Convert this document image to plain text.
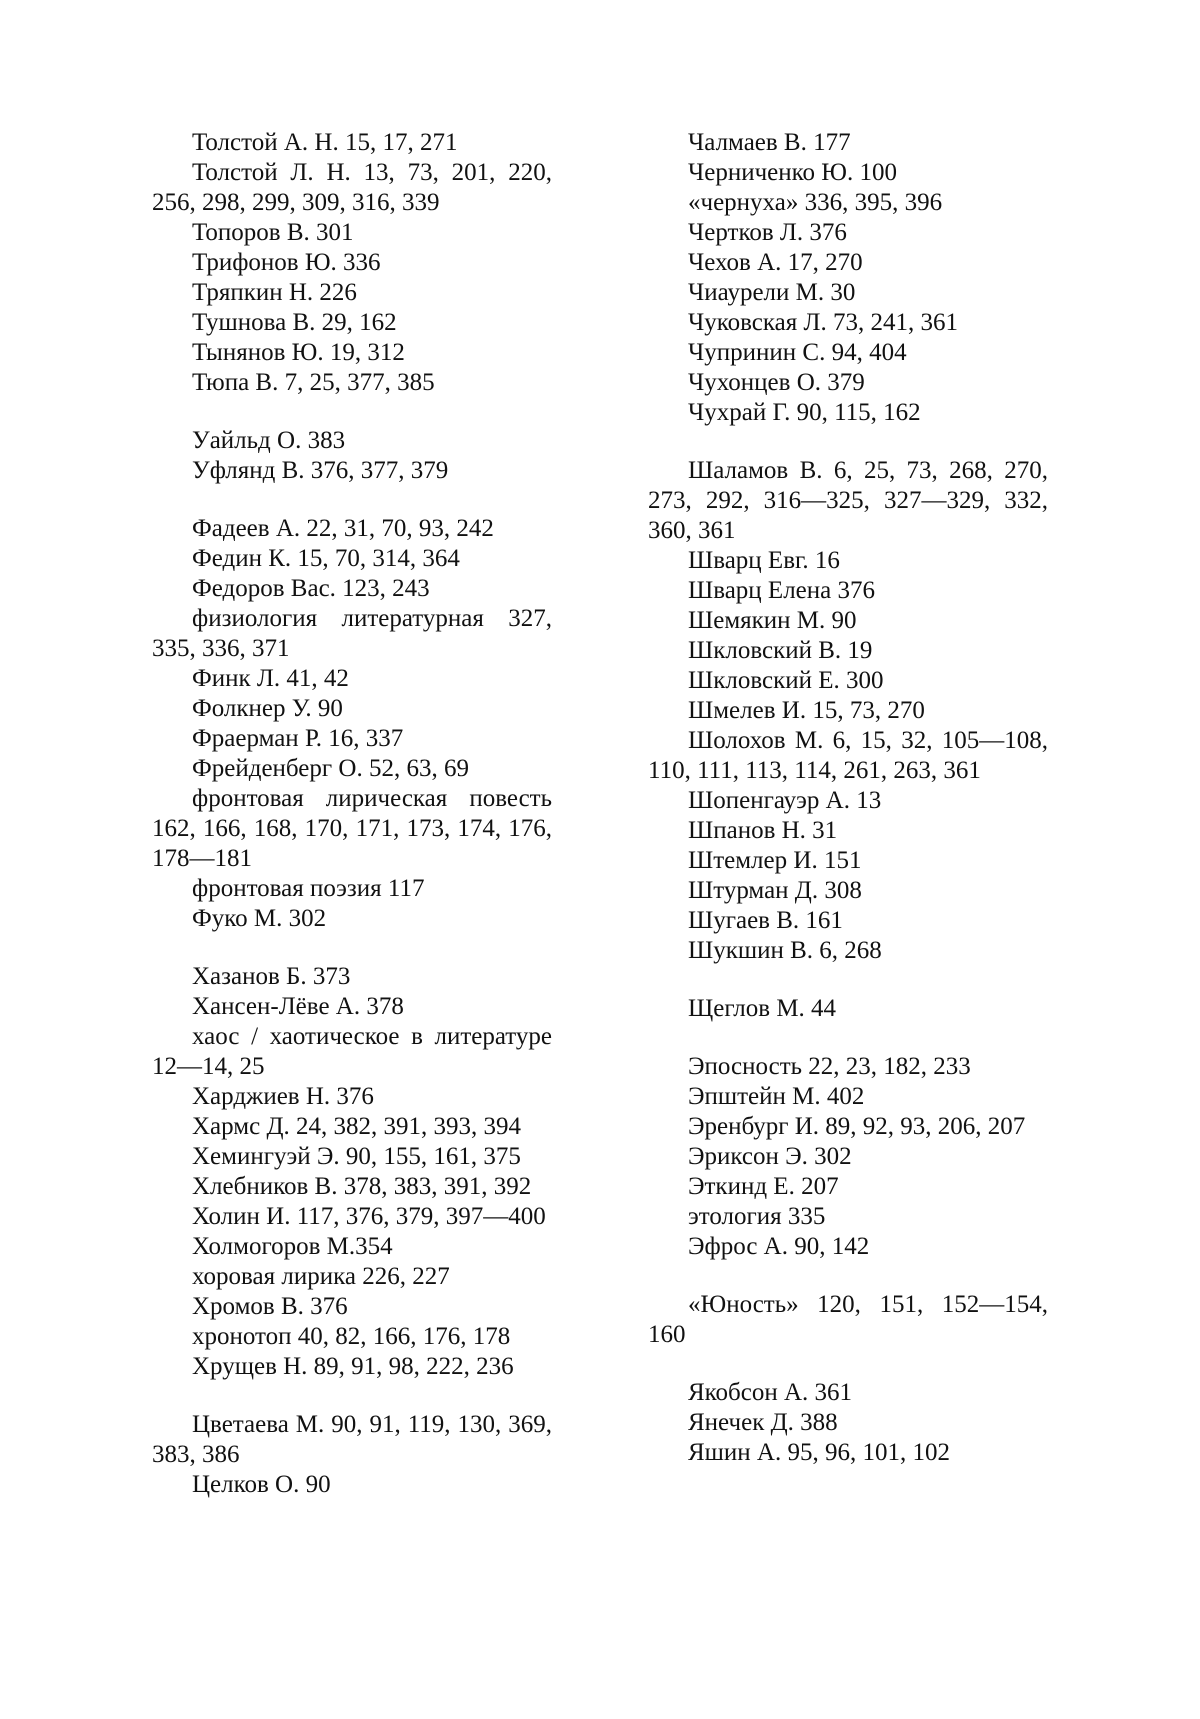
Толстой А. Н. 15, 17, 271

Толстой Л. Н. 13, 73, 201, 220, 256, 298, 299, 309, 316, 339

Топоров В. 301

Трифонов Ю. 336

Тряпкин Н. 226

Тушнова В. 29, 162

Тынянов Ю. 19, 312

Тюпа В. 7, 25, 377, 385

Уайльд О. 383

Уфлянд В. 376, 377, 379

Фадеев А. 22, 31, 70, 93, 242

Федин К. 15, 70, 314, 364

Федоров Вас. 123, 243

физиология литературная 327, 335, 336, 371

Финк Л. 41, 42

Фолкнер У. 90

Фраерман Р. 16, 337

Фрейденберг О. 52, 63, 69

фронтовая лирическая повесть 162, 166, 168, 170, 171, 173, 174, 176, 178—181

фронтовая поэзия 117

Фуко М. 302

Хазанов Б. 373

Хансен-Лёве А. 378

хаос / хаотическое в литературе 12—14, 25

Харджиев Н. 376

Хармс Д. 24, 382, 391, 393, 394

Хемингуэй Э. 90, 155, 161, 375

Хлебников В. 378, 383, 391, 392

Холин И. 117, 376, 379, 397—400

Холмогоров М.354

хоровая лирика 226, 227

Хромов В. 376

хронотоп 40, 82, 166, 176, 178

Хрущев Н. 89, 91, 98, 222, 236

Цветаева М. 90, 91, 119, 130, 369, 383, 386

Целков О. 90

Чалмаев В. 177

Черниченко Ю. 100

«чернуха» 336, 395, 396

Чертков Л. 376

Чехов А. 17, 270

Чиаурели М. 30

Чуковская Л. 73, 241, 361

Чупринин С. 94, 404

Чухонцев О. 379

Чухрай Г. 90, 115, 162

Шаламов В. 6, 25, 73, 268, 270, 273, 292, 316—325, 327—329, 332, 360, 361

Шварц Евг. 16

Шварц Елена 376

Шемякин М. 90

Шкловский В. 19

Шкловский Е. 300

Шмелев И. 15, 73, 270

Шолохов М. 6, 15, 32, 105—108, 110, 111, 113, 114, 261, 263, 361

Шопенгауэр А. 13

Шпанов Н. 31

Штемлер И. 151

Штурман Д. 308

Шугаев В. 161

Шукшин В. 6, 268

Щеглов М. 44

Эпосность 22, 23, 182, 233

Эпштейн М. 402

Эренбург И. 89, 92, 93, 206, 207

Эриксон Э. 302

Эткинд Е. 207

этология 335

Эфрос А. 90, 142

«Юность» 120, 151, 152—154, 160

Якобсон А. 361

Янечек Д. 388

Яшин А. 95, 96, 101, 102
